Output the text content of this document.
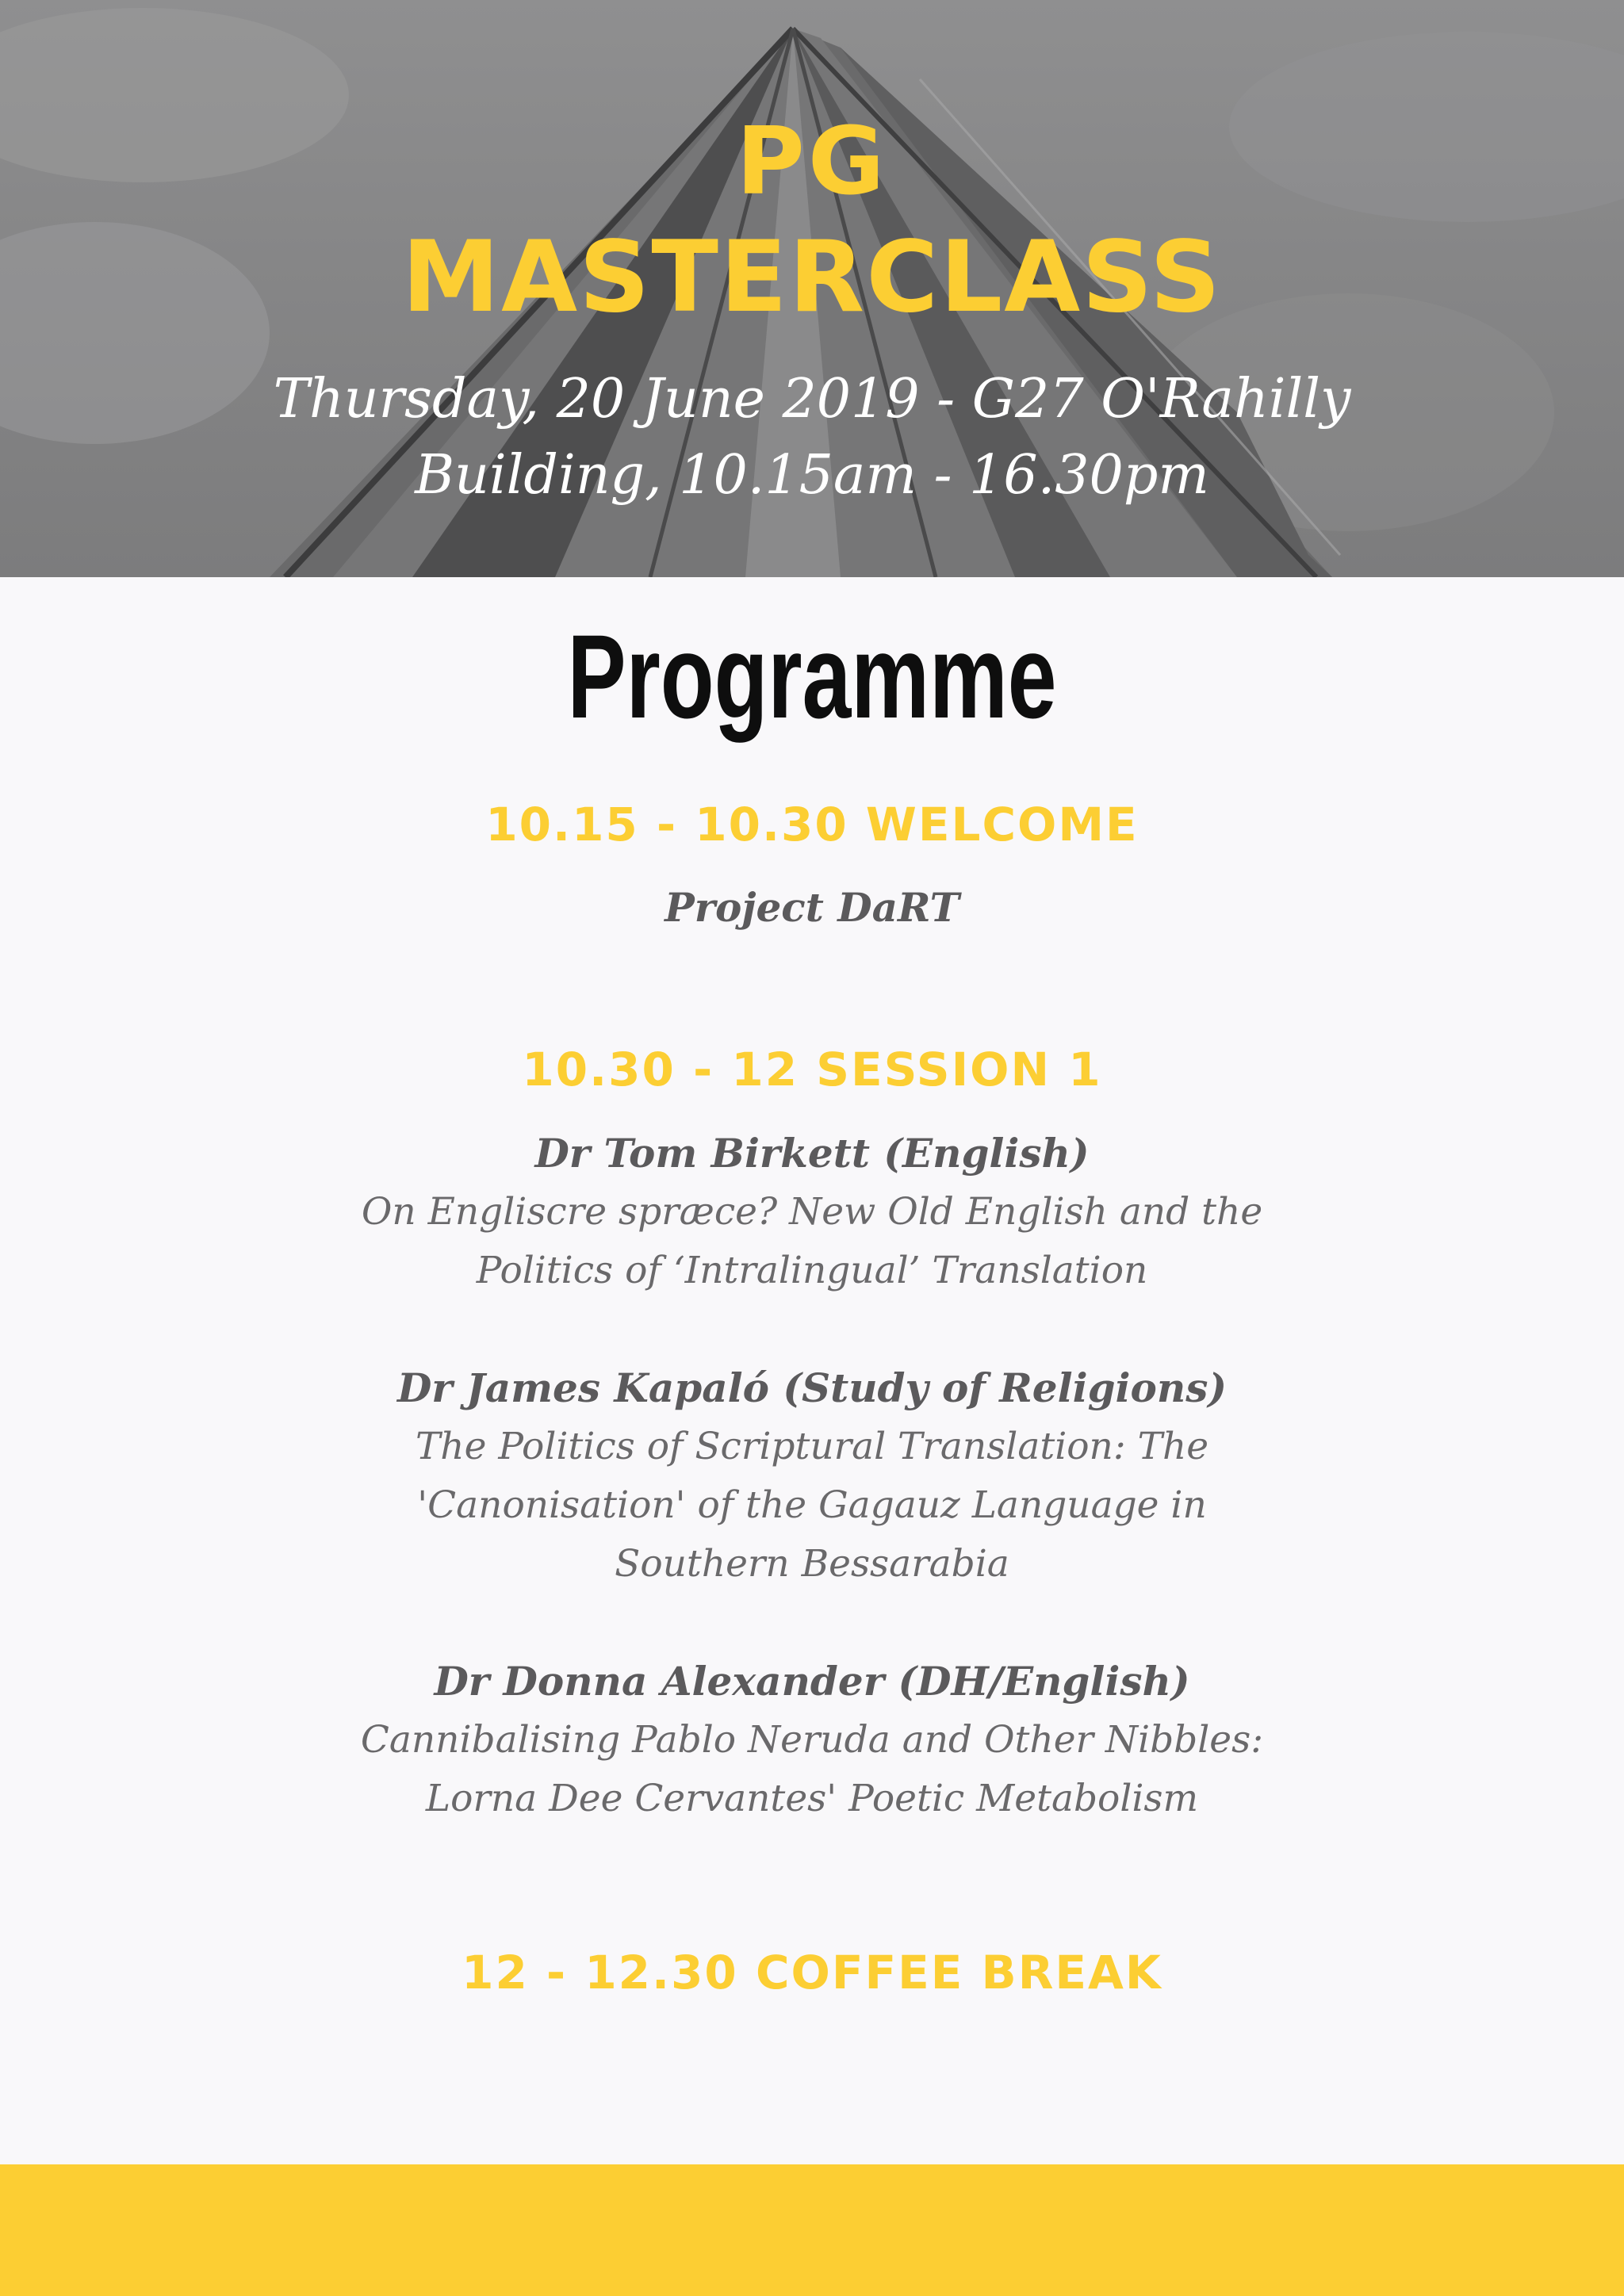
PG
MASTERCLASS

Thursday, 20 June 2019 - G27 O'Rahilly

Building, 10.15am - 16.30pm

Programme

10.15 - 10.30 WELCOME

Project DaRT

10.30 - 12 SESSION 1

Dr Tom Birkett (English)

On Engliscre spræce? New Old English and the

Politics of ‘Intralingual’ Translation

Dr James Kapaló (Study of Religions)

The Politics of Scriptural Translation: The

'Canonisation' of the Gagauz Language in

Southern Bessarabia

Dr Donna Alexander (DH/English)

Cannibalising Pablo Neruda and Other Nibbles:

Lorna Dee Cervantes' Poetic Metabolism

12 - 12.30 COFFEE BREAK
